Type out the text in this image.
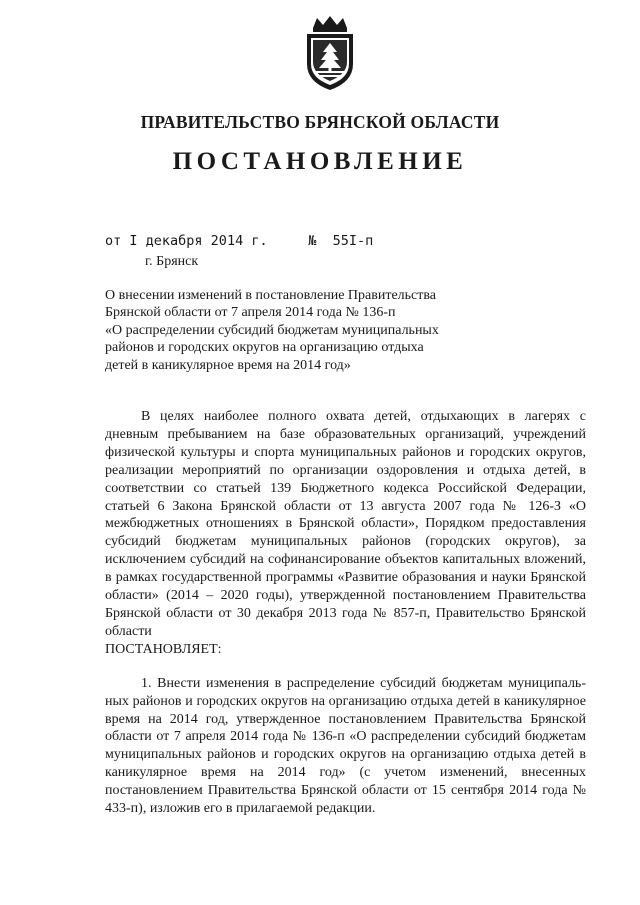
ПРАВИТЕЛЬСТВО БРЯНСКОЙ ОБЛАСТИ
ПОСТАНОВЛЕНИЕ
от I декабря 2014 г.	№ 55I-п
г. Брянск
О внесении изменений в постановление Правительства
Брянской области от 7 апреля 2014 года № 136-п
«О распределении субсидий бюджетам муниципальных
районов и городских округов на организацию отдыха
детей в каникулярное время на 2014 год»

В целях наиболее полного охвата детей, отдыхающих в лагерях с дневным пребыванием на базе образовательных организаций, учреждений физической культуры и спорта муниципальных районов и городских округов, реализации мероприятий по организации оздоровления и отдыха детей, в соответствии со статьей 139 Бюджетного кодекса Российской Федерации, статьей 6 Закона Брянской области от 13 августа 2007 года № 126-З «О межбюджетных отношениях в Брянской области», Порядком предоставления субсидий бюджетам муниципальных районов (городских округов), за исключением субсидий на софинансирование объектов капитальных вложений, в рамках государственной программы «Развитие образования и науки Брянской области» (2014 – 2020 годы), утвержденной постановлением Правительства Брянской области от 30 декабря 2013 года № 857-п, Правительство Брянской области

ПОСТАНОВЛЯЕТ:

1. Внести изменения в распределение субсидий бюджетам муниципальных районов и городских округов на организацию отдыха детей в каникулярное время на 2014 год, утвержденное постановлением Правительства Брянской области от 7 апреля 2014 года № 136-п «О распределении субсидий бюджетам муниципальных районов и городских округов на организацию отдыха детей в каникулярное время на 2014 год» (с учетом изменений, внесенных постановлением Правительства Брянской области от 15 сентября 2014 года № 433-п), изложив его в прилагаемой редакции.
